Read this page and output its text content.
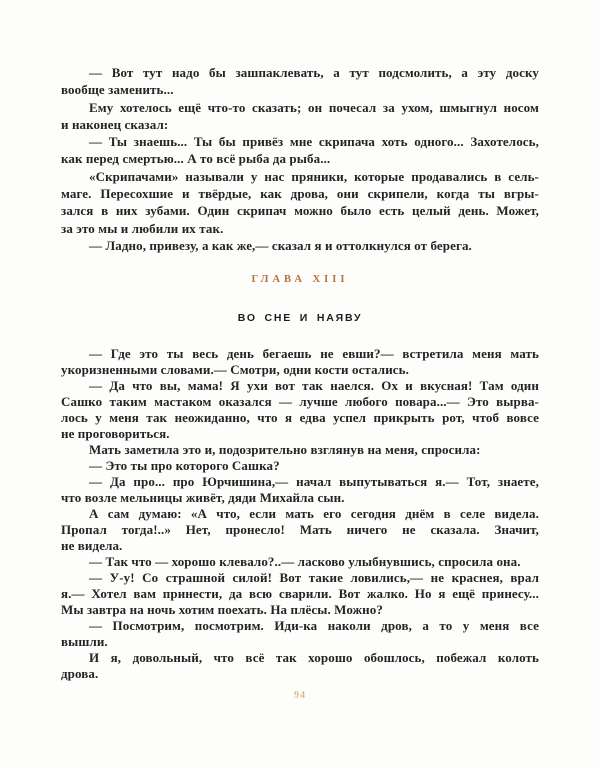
— Вот тут надо бы зашпаклевать, а тут подсмолить, а эту доску
вообще заменить...

Ему хотелось ещё что-то сказать; он почесал за ухом, шмыгнул носом
и наконец сказал:

— Ты знаешь... Ты бы привёз мне скрипача хоть одного... Захотелось,
как перед смертью... А то всё рыба да рыба...

«Скрипачами» называли у нас пряники, которые продавались в сель-
маге. Пересохшие и твёрдые, как дрова, они скрипели, когда ты вгры-
зался в них зубами. Один скрипач можно было есть целый день. Может,
за это мы и любили их так.

— Ладно, привезу, а как же,— сказал я и оттолкнулся от берега.

ГЛАВА XIII
ВО СНЕ И НАЯВУ

— Где это ты весь день бегаешь не евши?— встретила меня мать
укоризненными словами.— Смотри, одни кости остались.

— Да что вы, мама! Я ухи вот так наелся. Ох и вкусная! Там один
Сашко таким мастаком оказался — лучше любого повара...— Это вырва-
лось у меня так неожиданно, что я едва успел прикрыть рот, чтоб вовсе
не проговориться.

Мать заметила это и, подозрительно взглянув на меня, спросила:

— Это ты про которого Сашка?

— Да про... про Юрчишина,— начал выпутываться я.— Тот, знаете,
что возле мельницы живёт, дяди Михайла сын.

А сам думаю: «А что, если мать его сегодня днём в селе видела.
Пропал тогда!..» Нет, пронесло! Мать ничего не сказала. Значит,
не видела.

— Так что — хорошо клевало?..— ласково улыбнувшись, спросила она.

— У-у! Со страшной силой! Вот такие ловились,— не краснея, врал
я.— Хотел вам принести, да всю сварили. Вот жалко. Но я ещё принесу...
Мы завтра на ночь хотим поехать. На плёсы. Можно?

— Посмотрим, посмотрим. Иди-ка наколи дров, а то у меня все
вышли.

И я, довольный, что всё так хорошо обошлось, побежал колоть
дрова.

94
